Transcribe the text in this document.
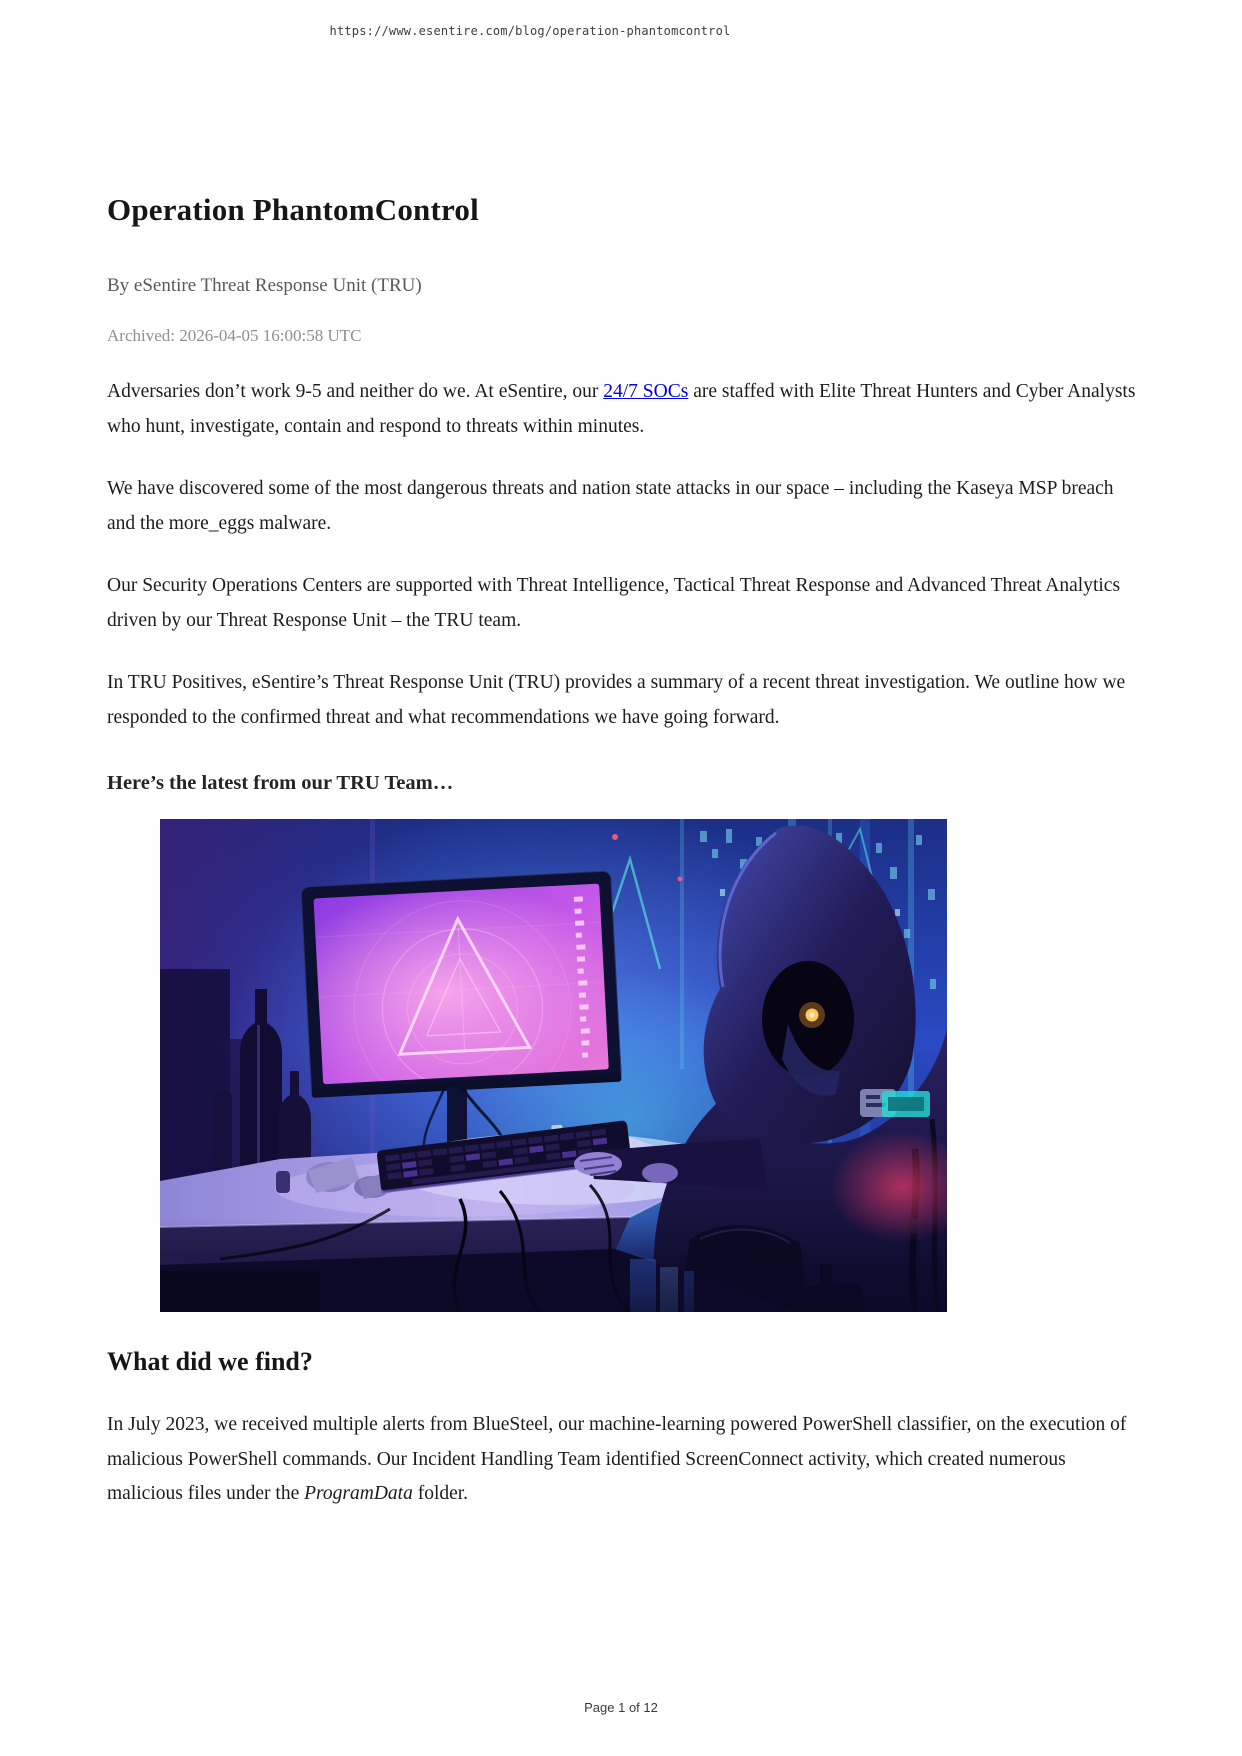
https://www.esentire.com/blog/operation-phantomcontrol
Operation PhantomControl
By eSentire Threat Response Unit (TRU)
Archived: 2026-04-05 16:00:58 UTC

Adversaries don’t work 9-5 and neither do we. At eSentire, our 24/7 SOCs are staffed with Elite Threat Hunters and Cyber Analysts who hunt, investigate, contain and respond to threats within minutes.

We have discovered some of the most dangerous threats and nation state attacks in our space – including the Kaseya MSP breach and the more_eggs malware.

Our Security Operations Centers are supported with Threat Intelligence, Tactical Threat Response and Advanced Threat Analytics driven by our Threat Response Unit – the TRU team.

In TRU Positives, eSentire’s Threat Response Unit (TRU) provides a summary of a recent threat investigation. We outline how we responded to the confirmed threat and what recommendations we have going forward.

Here’s the latest from our TRU Team…
What did we find?

In July 2023, we received multiple alerts from BlueSteel, our machine-learning powered PowerShell classifier, on the execution of malicious PowerShell commands. Our Incident Handling Team identified ScreenConnect activity, which created numerous malicious files under the ProgramData folder.

Page 1 of 12
